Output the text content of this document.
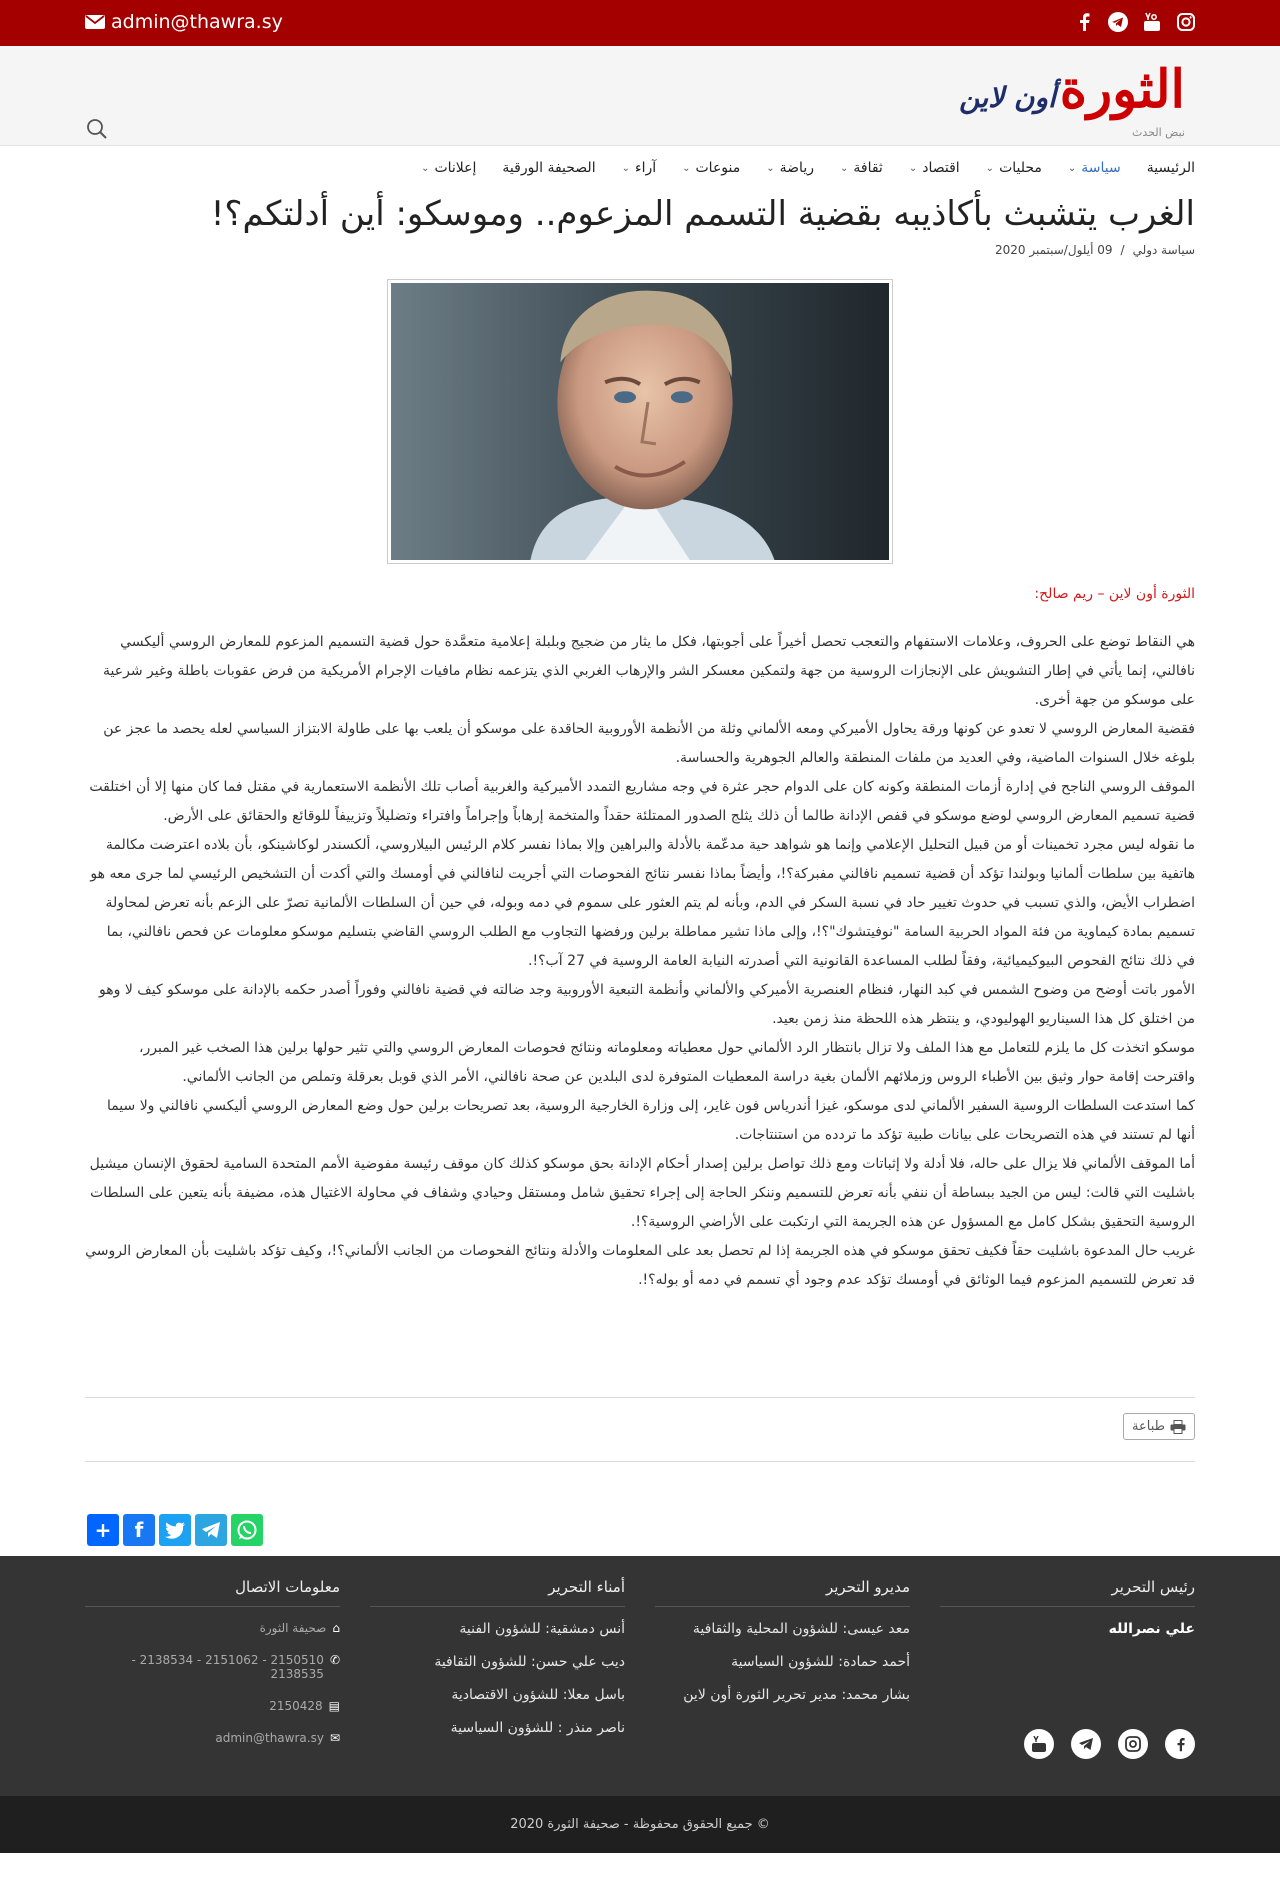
admin@thawra.sy
الثورةأون لاين
نبض الحدث
الرئيسية
سياسة
⌄
محليات
⌄
اقتصاد
⌄
ثقافة
⌄
رياضة
⌄
منوعات
⌄
آراء
⌄
الصحيفة الورقية
إعلانات
⌄
الغرب يتشبث بأكاذيبه بقضية التسمم المزعوم.. وموسكو: أين أدلتكم؟!
سياسة دولي
/
09 أيلول/سبتمبر 2020
الثورة أون لاين – ريم صالح:

هي النقاط توضع على الحروف، وعلامات الاستفهام والتعجب تحصل أخيراً على أجوبتها، فكل ما يثار من ضجيج وبلبلة إعلامية متعمَّدة حول قضية التسميم المزعوم للمعارض الروسي أليكسي نافالني، إنما يأتي في إطار التشويش على الإنجازات الروسية من جهة ولتمكين معسكر الشر والإرهاب الغربي الذي يتزعمه نظام مافيات الإجرام الأمريكية من فرض عقوبات باطلة وغير شرعية على موسكو من جهة أخرى.

فقضية المعارض الروسي لا تعدو عن كونها ورقة يحاول الأميركي ومعه الألماني وثلة من الأنظمة الأوروبية الحاقدة على موسكو أن يلعب بها على طاولة الابتزاز السياسي لعله يحصد ما عجز عن بلوغه خلال السنوات الماضية، وفي العديد من ملفات المنطقة والعالم الجوهرية والحساسة.

الموقف الروسي الناجح في إدارة أزمات المنطقة وكونه كان على الدوام حجر عثرة في وجه مشاريع التمدد الأميركية والغربية أصاب تلك الأنظمة الاستعمارية في مقتل فما كان منها إلا أن اختلقت قضية تسميم المعارض الروسي لوضع موسكو في قفص الإدانة طالما أن ذلك يثلج الصدور الممتلئة حقداً والمتخمة إرهاباً وإجراماً وافتراء وتضليلاً وتزييفاً للوقائع والحقائق على الأرض.

ما نقوله ليس مجرد تخمينات أو من قبيل التحليل الإعلامي وإنما هو شواهد حية مدعّمة بالأدلة والبراهين وإلا بماذا نفسر كلام الرئيس البيلاروسي، ألكسندر لوكاشينكو، بأن بلاده اعترضت مكالمة هاتفية بين سلطات ألمانيا وبولندا تؤكد أن قضية تسميم نافالني مفبركة؟!، وأيضاً بماذا نفسر نتائج الفحوصات التي أجريت لنافالني في أومسك والتي أكدت أن التشخيص الرئيسي لما جرى معه هو اضطراب الأيض، والذي تسبب في حدوث تغيير حاد في نسبة السكر في الدم، وبأنه لم يتم العثور على سموم في دمه وبوله، في حين أن السلطات الألمانية تصرّ على الزعم بأنه تعرض لمحاولة تسميم بمادة كيماوية من فئة المواد الحربية السامة "نوفيتشوك"؟!، وإلى ماذا تشير مماطلة برلين ورفضها التجاوب مع الطلب الروسي القاضي بتسليم موسكو معلومات عن فحص نافالني، بما في ذلك نتائج الفحوص البيوكيميائية، وفقاً لطلب المساعدة القانونية التي أصدرته النيابة العامة الروسية في 27 آب؟!.

الأمور باتت أوضح من وضوح الشمس في كبد النهار، فنظام العنصرية الأميركي والألماني وأنظمة التبعية الأوروبية وجد ضالته في قضية نافالني وفوراً أصدر حكمه بالإدانة على موسكو كيف لا وهو من اختلق كل هذا السيناريو الهوليودي، و ينتظر هذه اللحظة منذ زمن بعيد.

موسكو اتخذت كل ما يلزم للتعامل مع هذا الملف ولا تزال بانتظار الرد الألماني حول معطياته ومعلوماته ونتائج فحوصات المعارض الروسي والتي تثير حولها برلين هذا الصخب غير المبرر، واقترحت إقامة حوار وثيق بين الأطباء الروس وزملائهم الألمان بغية دراسة المعطيات المتوفرة لدى البلدين عن صحة نافالني، الأمر الذي قوبل بعرقلة وتملص من الجانب الألماني.

كما استدعت السلطات الروسية السفير الألماني لدى موسكو، غيزا أندرياس فون غاير، إلى وزارة الخارجية الروسية، بعد تصريحات برلين حول وضع المعارض الروسي أليكسي نافالني ولا سيما أنها لم تستند في هذه التصريحات على بيانات طبية تؤكد ما تردده من استنتاجات.

أما الموقف الألماني فلا يزال على حاله، فلا أدلة ولا إثباتات ومع ذلك تواصل برلين إصدار أحكام الإدانة بحق موسكو كذلك كان موقف رئيسة مفوضية الأمم المتحدة السامية لحقوق الإنسان ميشيل باشليت التي قالت: ليس من الجيد ببساطة أن ننفي بأنه تعرض للتسميم وننكر الحاجة إلى إجراء تحقيق شامل ومستقل وحيادي وشفاف في محاولة الاغتيال هذه، مضيفة بأنه يتعين على السلطات الروسية التحقيق بشكل كامل مع المسؤول عن هذه الجريمة التي ارتكبت على الأراضي الروسية؟!.

غريب حال المدعوة باشليت حقاً فكيف تحقق موسكو في هذه الجريمة إذا لم تحصل بعد على المعلومات والأدلة ونتائج الفحوصات من الجانب الألماني؟!، وكيف تؤكد باشليت بأن المعارض الروسي قد تعرض للتسميم المزعوم فيما الوثائق في أومسك تؤكد عدم وجود أي تسمم في دمه أو بوله؟!.

طباعة
+	f
رئيس التحرير
علي نصرالله
مديرو التحرير
معد عيسى: للشؤون المحلية والثقافية
أحمد حمادة: للشؤون السياسية
بشار محمد: مدير تحرير الثورة أون لاين
أمناء التحرير
أنس دمشقية: للشؤون الفنية
ديب علي حسن: للشؤون الثقافية
باسل معلا: للشؤون الاقتصادية
ناصر منذر : للشؤون السياسية
معلومات الاتصال
⌂
صحيفة الثورة
✆
2150510 - 2151062 - 2138534 - 2138535
▤
2150428
✉
admin@thawra.sy
© جميع الحقوق محفوظة - صحيفة الثورة 2020
